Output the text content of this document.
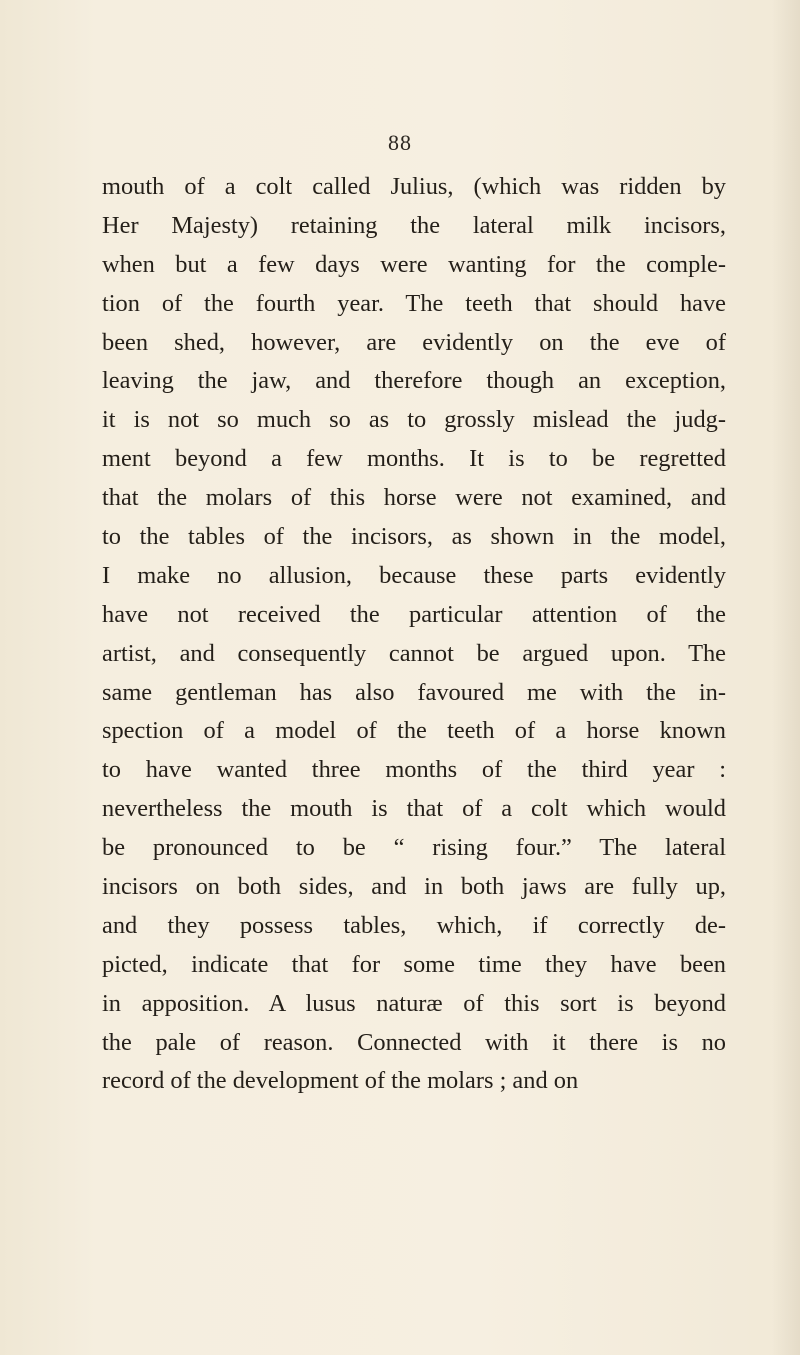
88
mouth of a colt called Julius, (which was ridden by
Her Majesty) retaining the lateral milk incisors,
when but a few days were wanting for the comple-
tion of the fourth year. The teeth that should have
been shed, however, are evidently on the eve of
leaving the jaw, and therefore though an exception,
it is not so much so as to grossly mislead the judg-
ment beyond a few months. It is to be regretted
that the molars of this horse were not examined, and
to the tables of the incisors, as shown in the model,
I make no allusion, because these parts evidently
have not received the particular attention of the
artist, and consequently cannot be argued upon. The
same gentleman has also favoured me with the in-
spection of a model of the teeth of a horse known
to have wanted three months of the third year :
nevertheless the mouth is that of a colt which would
be pronounced to be “ rising four.” The lateral
incisors on both sides, and in both jaws are fully up,
and they possess tables, which, if correctly de-
picted, indicate that for some time they have been
in apposition. A lusus naturæ of this sort is beyond
the pale of reason. Connected with it there is no
record of the development of the molars ; and on
